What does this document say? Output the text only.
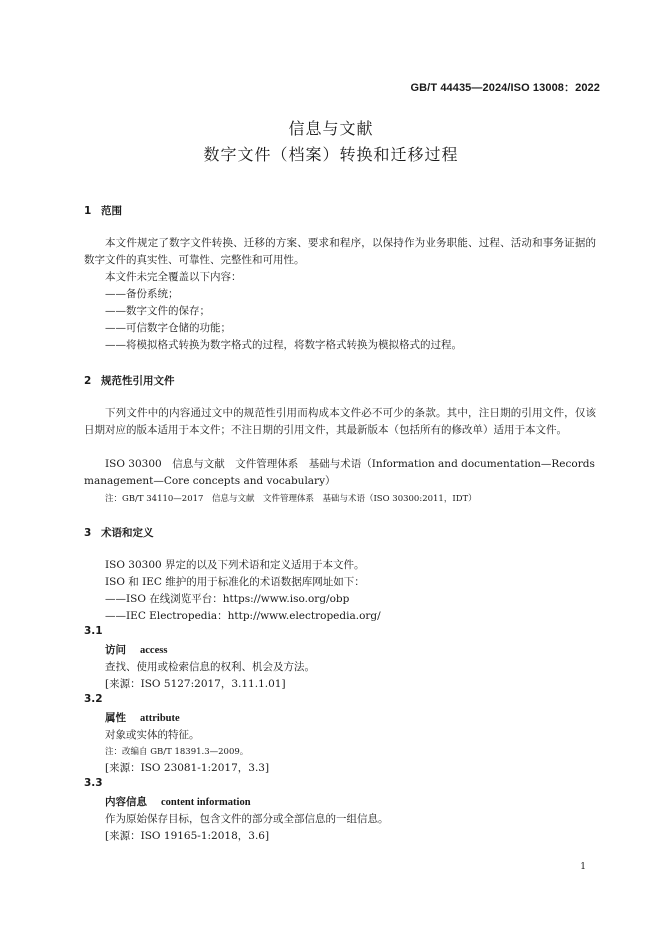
GB/T 44435—2024/ISO 13008：2022
信息与文献
数字文件（档案）转换和迁移过程
1 范围
本文件规定了数字文件转换、迁移的方案、要求和程序，以保持作为业务职能、过程、活动和事务证据的数字文件的真实性、可靠性、完整性和可用性。
本文件未完全覆盖以下内容：
——备份系统；
——数字文件的保存；
——可信数字仓储的功能；
——将模拟格式转换为数字格式的过程，将数字格式转换为模拟格式的过程。
2 规范性引用文件
下列文件中的内容通过文中的规范性引用而构成本文件必不可少的条款。其中，注日期的引用文件，仅该日期对应的版本适用于本文件；不注日期的引用文件，其最新版本（包括所有的修改单）适用于本文件。
ISO 30300　信息与文献　文件管理体系　基础与术语（Information and documentation—Records
management—Core concepts and vocabulary）
注：GB/T 34110—2017　信息与文献　文件管理体系　基础与术语（ISO 30300:2011，IDT）
3 术语和定义
ISO 30300 界定的以及下列术语和定义适用于本文件。
ISO 和 IEC 维护的用于标准化的术语数据库网址如下：
——ISO 在线浏览平台：https://www.iso.org/obp
——IEC Electropedia：http://www.electropedia.org/
3.1
访问 access
查找、使用或检索信息的权利、机会及方法。
[来源：ISO 5127:2017，3.11.1.01]
3.2
属性 attribute
对象或实体的特征。
注：改编自 GB/T 18391.3—2009。
[来源：ISO 23081-1:2017，3.3]
3.3
内容信息 content information
作为原始保存目标，包含文件的部分或全部信息的一组信息。
[来源：ISO 19165-1:2018，3.6]
1
